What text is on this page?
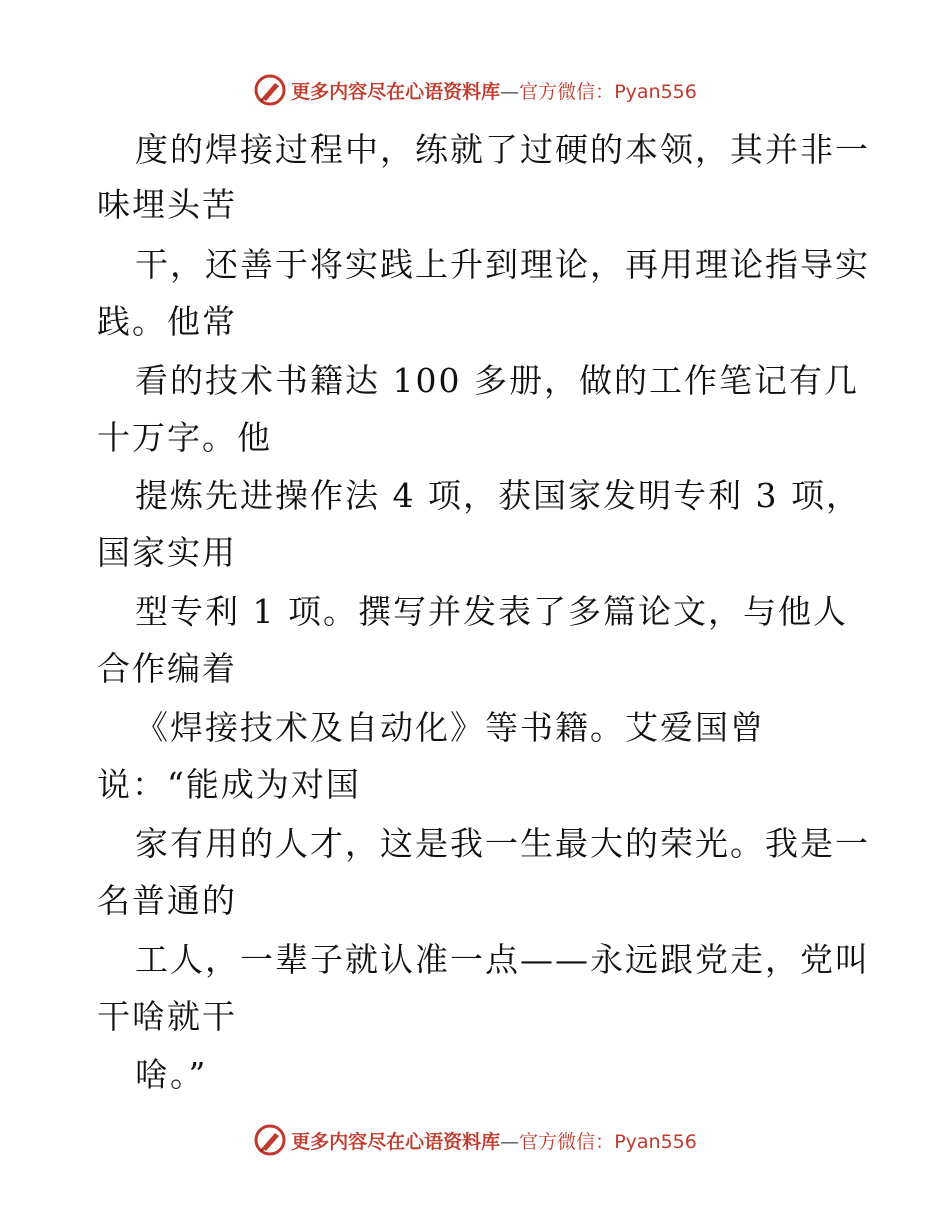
更多内容尽在心语资料库—官方微信：Pyan556
度的焊接过程中，练就了过硬的本领，其并非一
味埋头苦
干，还善于将实践上升到理论，再用理论指导实
践。他常
看的技术书籍达 100 多册，做的工作笔记有几
十万字。他
提炼先进操作法 4 项，获国家发明专利 3 项，
国家实用
型专利 1 项。撰写并发表了多篇论文，与他人
合作编着
《焊接技术及自动化》等书籍。艾爱国曾
说：“能成为对国
家有用的人才，这是我一生最大的荣光。我是一
名普通的
工人，一辈子就认准一点——永远跟党走，党叫
干啥就干
啥。”
更多内容尽在心语资料库—官方微信：Pyan556
